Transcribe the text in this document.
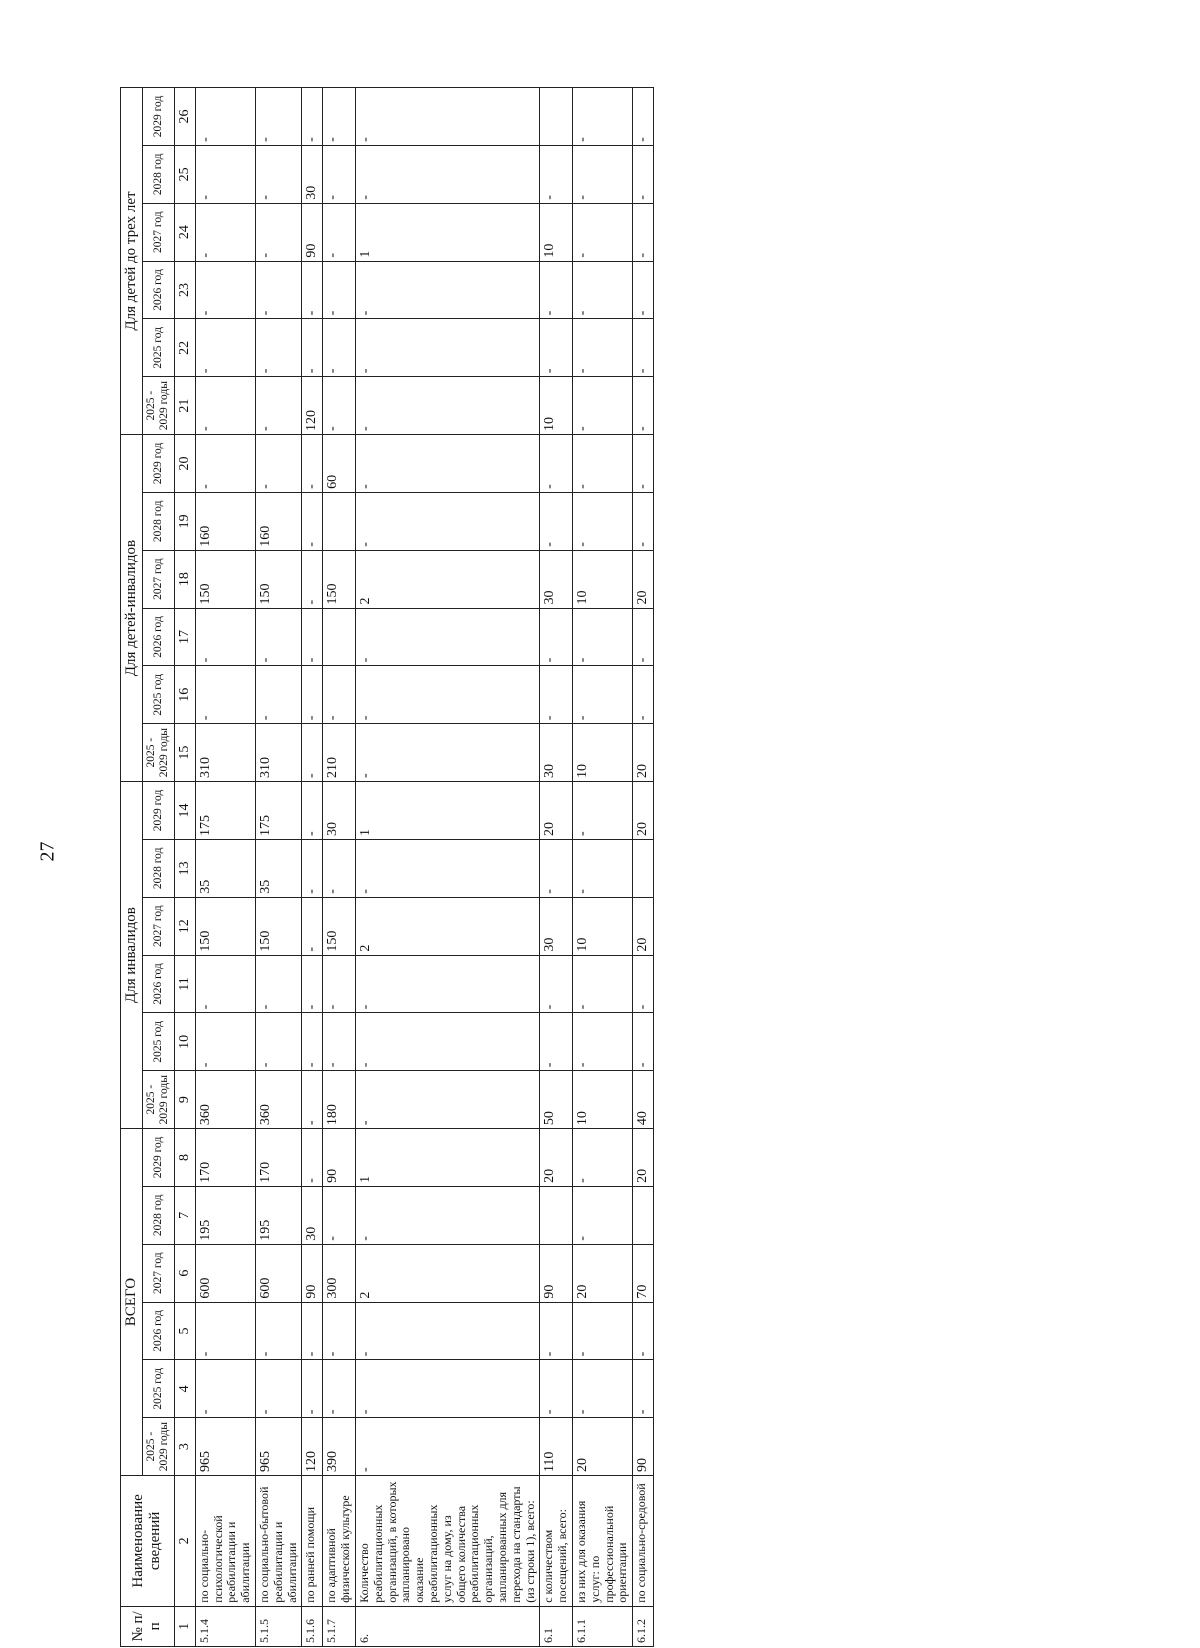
27
№ п/п	Наименование сведений	ВСЕГО						Для инвалидов						Для детей-инвалидов						Для детей до трех лет					
		2025 - 2029 годы	2025 год	2026 год	2027 год	2028 год	2029 год	2025 - 2029 годы	2025 год	2026 год	2027 год	2028 год	2029 год	2025 - 2029 годы	2025 год	2026 год	2027 год	2028 год	2029 год	2025 - 2029 годы	2025 год	2026 год	2027 год	2028 год	2029 год
1	2	3	4	5	6	7	8	9	10	11	12	13	14	15	16	17	18	19	20	21	22	23	24	25	26
5.1.4	по социально-психологической реабилитации и абилитации	965	-	-	600	195	170	360	-	-	150	35	175	310	-	-	150	160	-	-	-	-	-	-	-
5.1.5	по социально-бытовой реабилитации и абилитации	965	-	-	600	195	170	360	-	-	150	35	175	310	-	-	150	160	-	-	-	-	-	-	-
5.1.6	по ранней помощи	120	-	-	90	30	-	-	-	-	-	-	-	-	-	-	-	-	-	120	-	-	90	30	-
5.1.7	по адаптивной физической культуре	390	-	-	300	-	90	180	-	-	150	-	30	210	-		150		60	-	-	-	-	-	-
6.	Количество реабилитационных организаций, в которых запланировано оказание реабилитационных услуг на дому, из общего количества реабилитационных организаций, запланированных для перехода на стандарты (из строки 1), всего:	-	-	-	2	-	1	-	-	-	2	-	1	-	-	-	2	-	-	-	-	-	1	-	-
6.1	с количеством посещений, всего:	110	-	-	90		20	50	-	-	30	-	20	30	-	-	30	-	-	10	-	-	10	-	
6.1.1	из них для оказания услуг: по профессиональной ориентации	20	-	-	20	-	-	10	-	-	10	-	-	10	-	-	10	-	-	-	-	-	-	-	-
6.1.2	по социально-средовой	90	-	-	70		20	40	-	-	20		20	20	-	-	20	-	-	-	-	-	-	-	-
